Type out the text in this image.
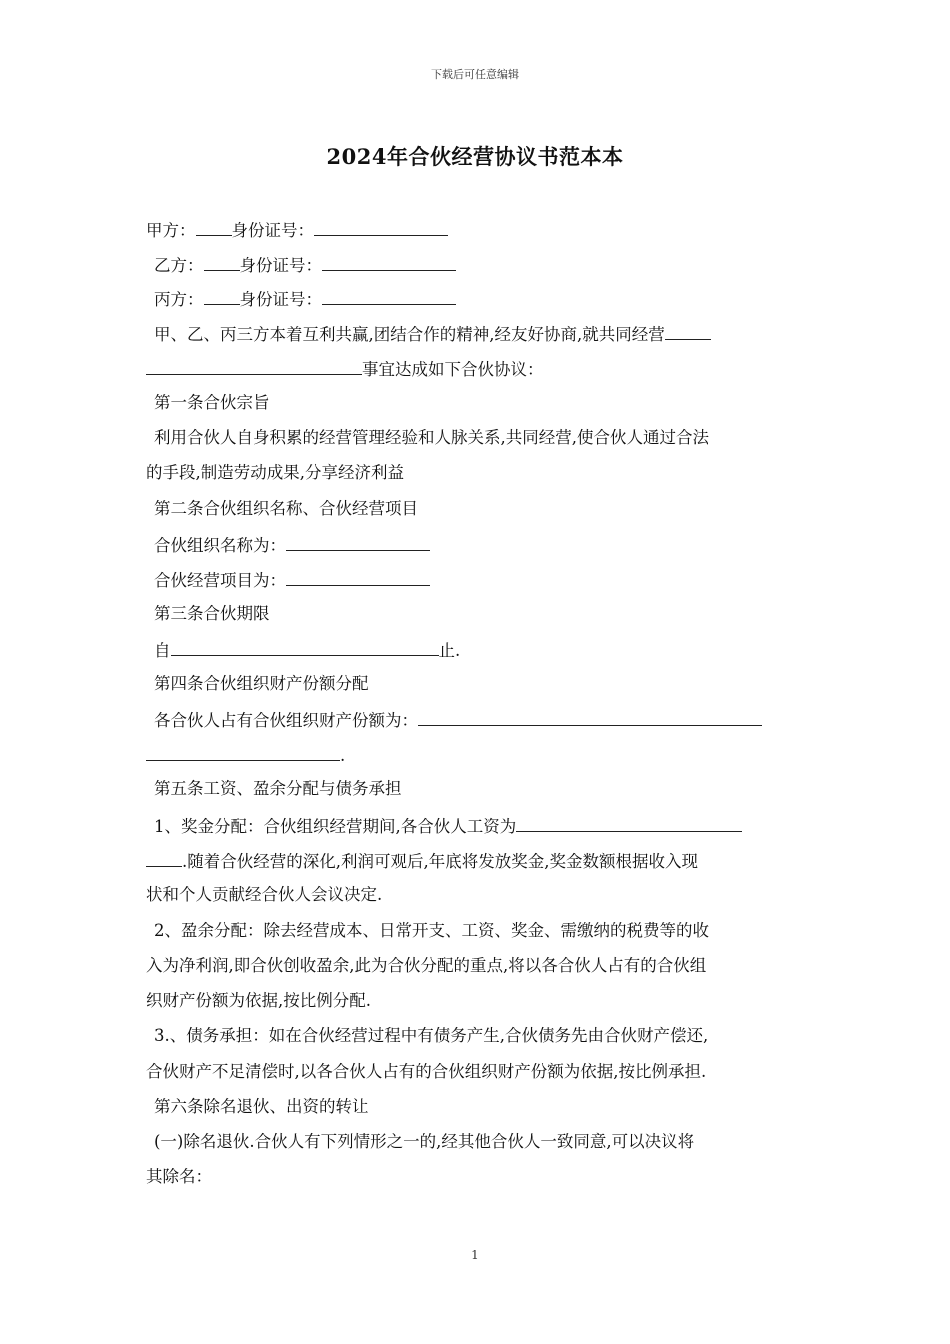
下载后可任意编辑
2024年合伙经营协议书范本本
甲方： 身份证号：
乙方： 身份证号：
丙方： 身份证号：
甲、乙、丙三方本着互利共赢,团结合作的精神,经友好协商,就共同经营
事宜达成如下合伙协议：
第一条合伙宗旨
利用合伙人自身积累的经营管理经验和人脉关系,共同经营,使合伙人通过合法
的手段,制造劳动成果,分享经济利益
第二条合伙组织名称、合伙经营项目
合伙组织名称为：
合伙经营项目为：
第三条合伙期限
自	止.
第四条合伙组织财产份额分配
各合伙人占有合伙组织财产份额为：
.
第五条工资、盈余分配与债务承担
1、奖金分配：合伙组织经营期间,各合伙人工资为
.随着合伙经营的深化,利润可观后,年底将发放奖金,奖金数额根据收入现
状和个人贡献经合伙人会议决定.
2、盈余分配：除去经营成本、日常开支、工资、奖金、需缴纳的税费等的收
入为净利润,即合伙创收盈余,此为合伙分配的重点,将以各合伙人占有的合伙组
织财产份额为依据,按比例分配.
3.、债务承担：如在合伙经营过程中有债务产生,合伙债务先由合伙财产偿还,
合伙财产不足清偿时,以各合伙人占有的合伙组织财产份额为依据,按比例承担.
第六条除名退伙、出资的转让
(一)除名退伙.合伙人有下列情形之一的,经其他合伙人一致同意,可以决议将
其除名：
1
